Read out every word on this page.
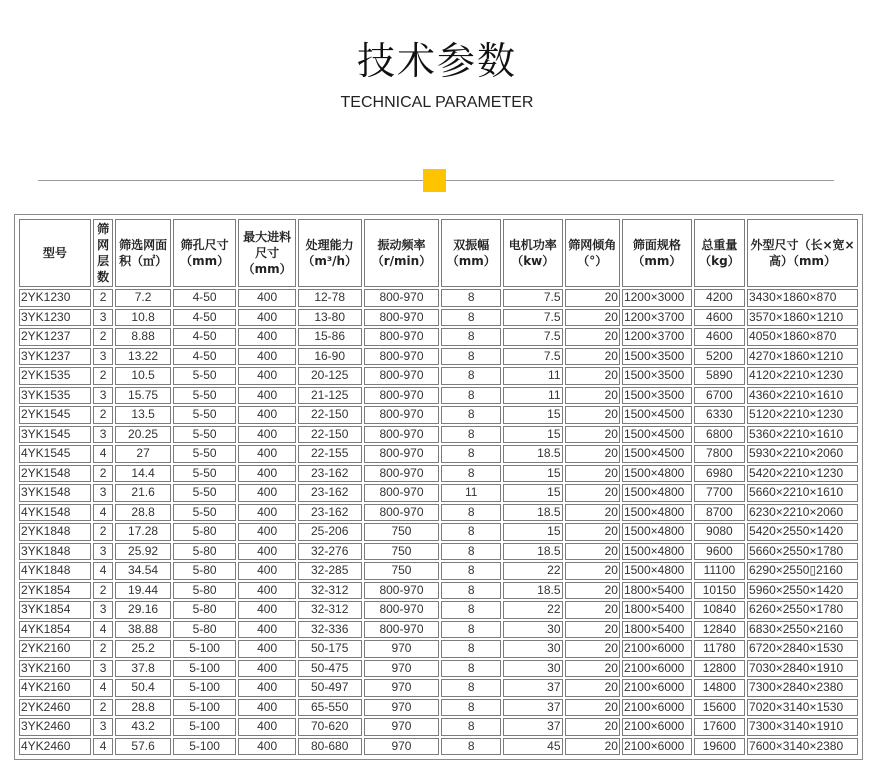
技术参数
TECHNICAL PARAMETER
型号	筛网层数	筛选网面积（㎡）	筛孔尺寸（mm）	最大进料尺寸（mm）	处理能力（m³/h）	振动频率（r/min）	双振幅（mm）	电机功率（kw）	筛网倾角（°）	筛面规格（mm）	总重量（kg）	外型尺寸（长×宽×高）（mm）
2YK1230	2	7.2	4-50	400	12-78	800-970	8	7.5	20	1200×3000	4200	3430×1860×870
3YK1230	3	10.8	4-50	400	13-80	800-970	8	7.5	20	1200×3700	4600	3570×1860×1210
2YK1237	2	8.88	4-50	400	15-86	800-970	8	7.5	20	1200×3700	4600	4050×1860×870
3YK1237	3	13.22	4-50	400	16-90	800-970	8	7.5	20	1500×3500	5200	4270×1860×1210
2YK1535	2	10.5	5-50	400	20-125	800-970	8	11	20	1500×3500	5890	4120×2210×1230
3YK1535	3	15.75	5-50	400	21-125	800-970	8	11	20	1500×3500	6700	4360×2210×1610
2YK1545	2	13.5	5-50	400	22-150	800-970	8	15	20	1500×4500	6330	5120×2210×1230
3YK1545	3	20.25	5-50	400	22-150	800-970	8	15	20	1500×4500	6800	5360×2210×1610
4YK1545	4	27	5-50	400	22-155	800-970	8	18.5	20	1500×4500	7800	5930×2210×2060
2YK1548	2	14.4	5-50	400	23-162	800-970	8	15	20	1500×4800	6980	5420×2210×1230
3YK1548	3	21.6	5-50	400	23-162	800-970	11	15	20	1500×4800	7700	5660×2210×1610
4YK1548	4	28.8	5-50	400	23-162	800-970	8	18.5	20	1500×4800	8700	6230×2210×2060
2YK1848	2	17.28	5-80	400	25-206	750	8	15	20	1500×4800	9080	5420×2550×1420
3YK1848	3	25.92	5-80	400	32-276	750	8	18.5	20	1500×4800	9600	5660×2550×1780
4YK1848	4	34.54	5-80	400	32-285	750	8	22	20	1500×4800	11100	6290×2550▯2160
2YK1854	2	19.44	5-80	400	32-312	800-970	8	18.5	20	1800×5400	10150	5960×2550×1420
3YK1854	3	29.16	5-80	400	32-312	800-970	8	22	20	1800×5400	10840	6260×2550×1780
4YK1854	4	38.88	5-80	400	32-336	800-970	8	30	20	1800×5400	12840	6830×2550×2160
2YK2160	2	25.2	5-100	400	50-175	970	8	30	20	2100×6000	11780	6720×2840×1530
3YK2160	3	37.8	5-100	400	50-475	970	8	30	20	2100×6000	12800	7030×2840×1910
4YK2160	4	50.4	5-100	400	50-497	970	8	37	20	2100×6000	14800	7300×2840×2380
2YK2460	2	28.8	5-100	400	65-550	970	8	37	20	2100×6000	15600	7020×3140×1530
3YK2460	3	43.2	5-100	400	70-620	970	8	37	20	2100×6000	17600	7300×3140×1910
4YK2460	4	57.6	5-100	400	80-680	970	8	45	20	2100×6000	19600	7600×3140×2380
